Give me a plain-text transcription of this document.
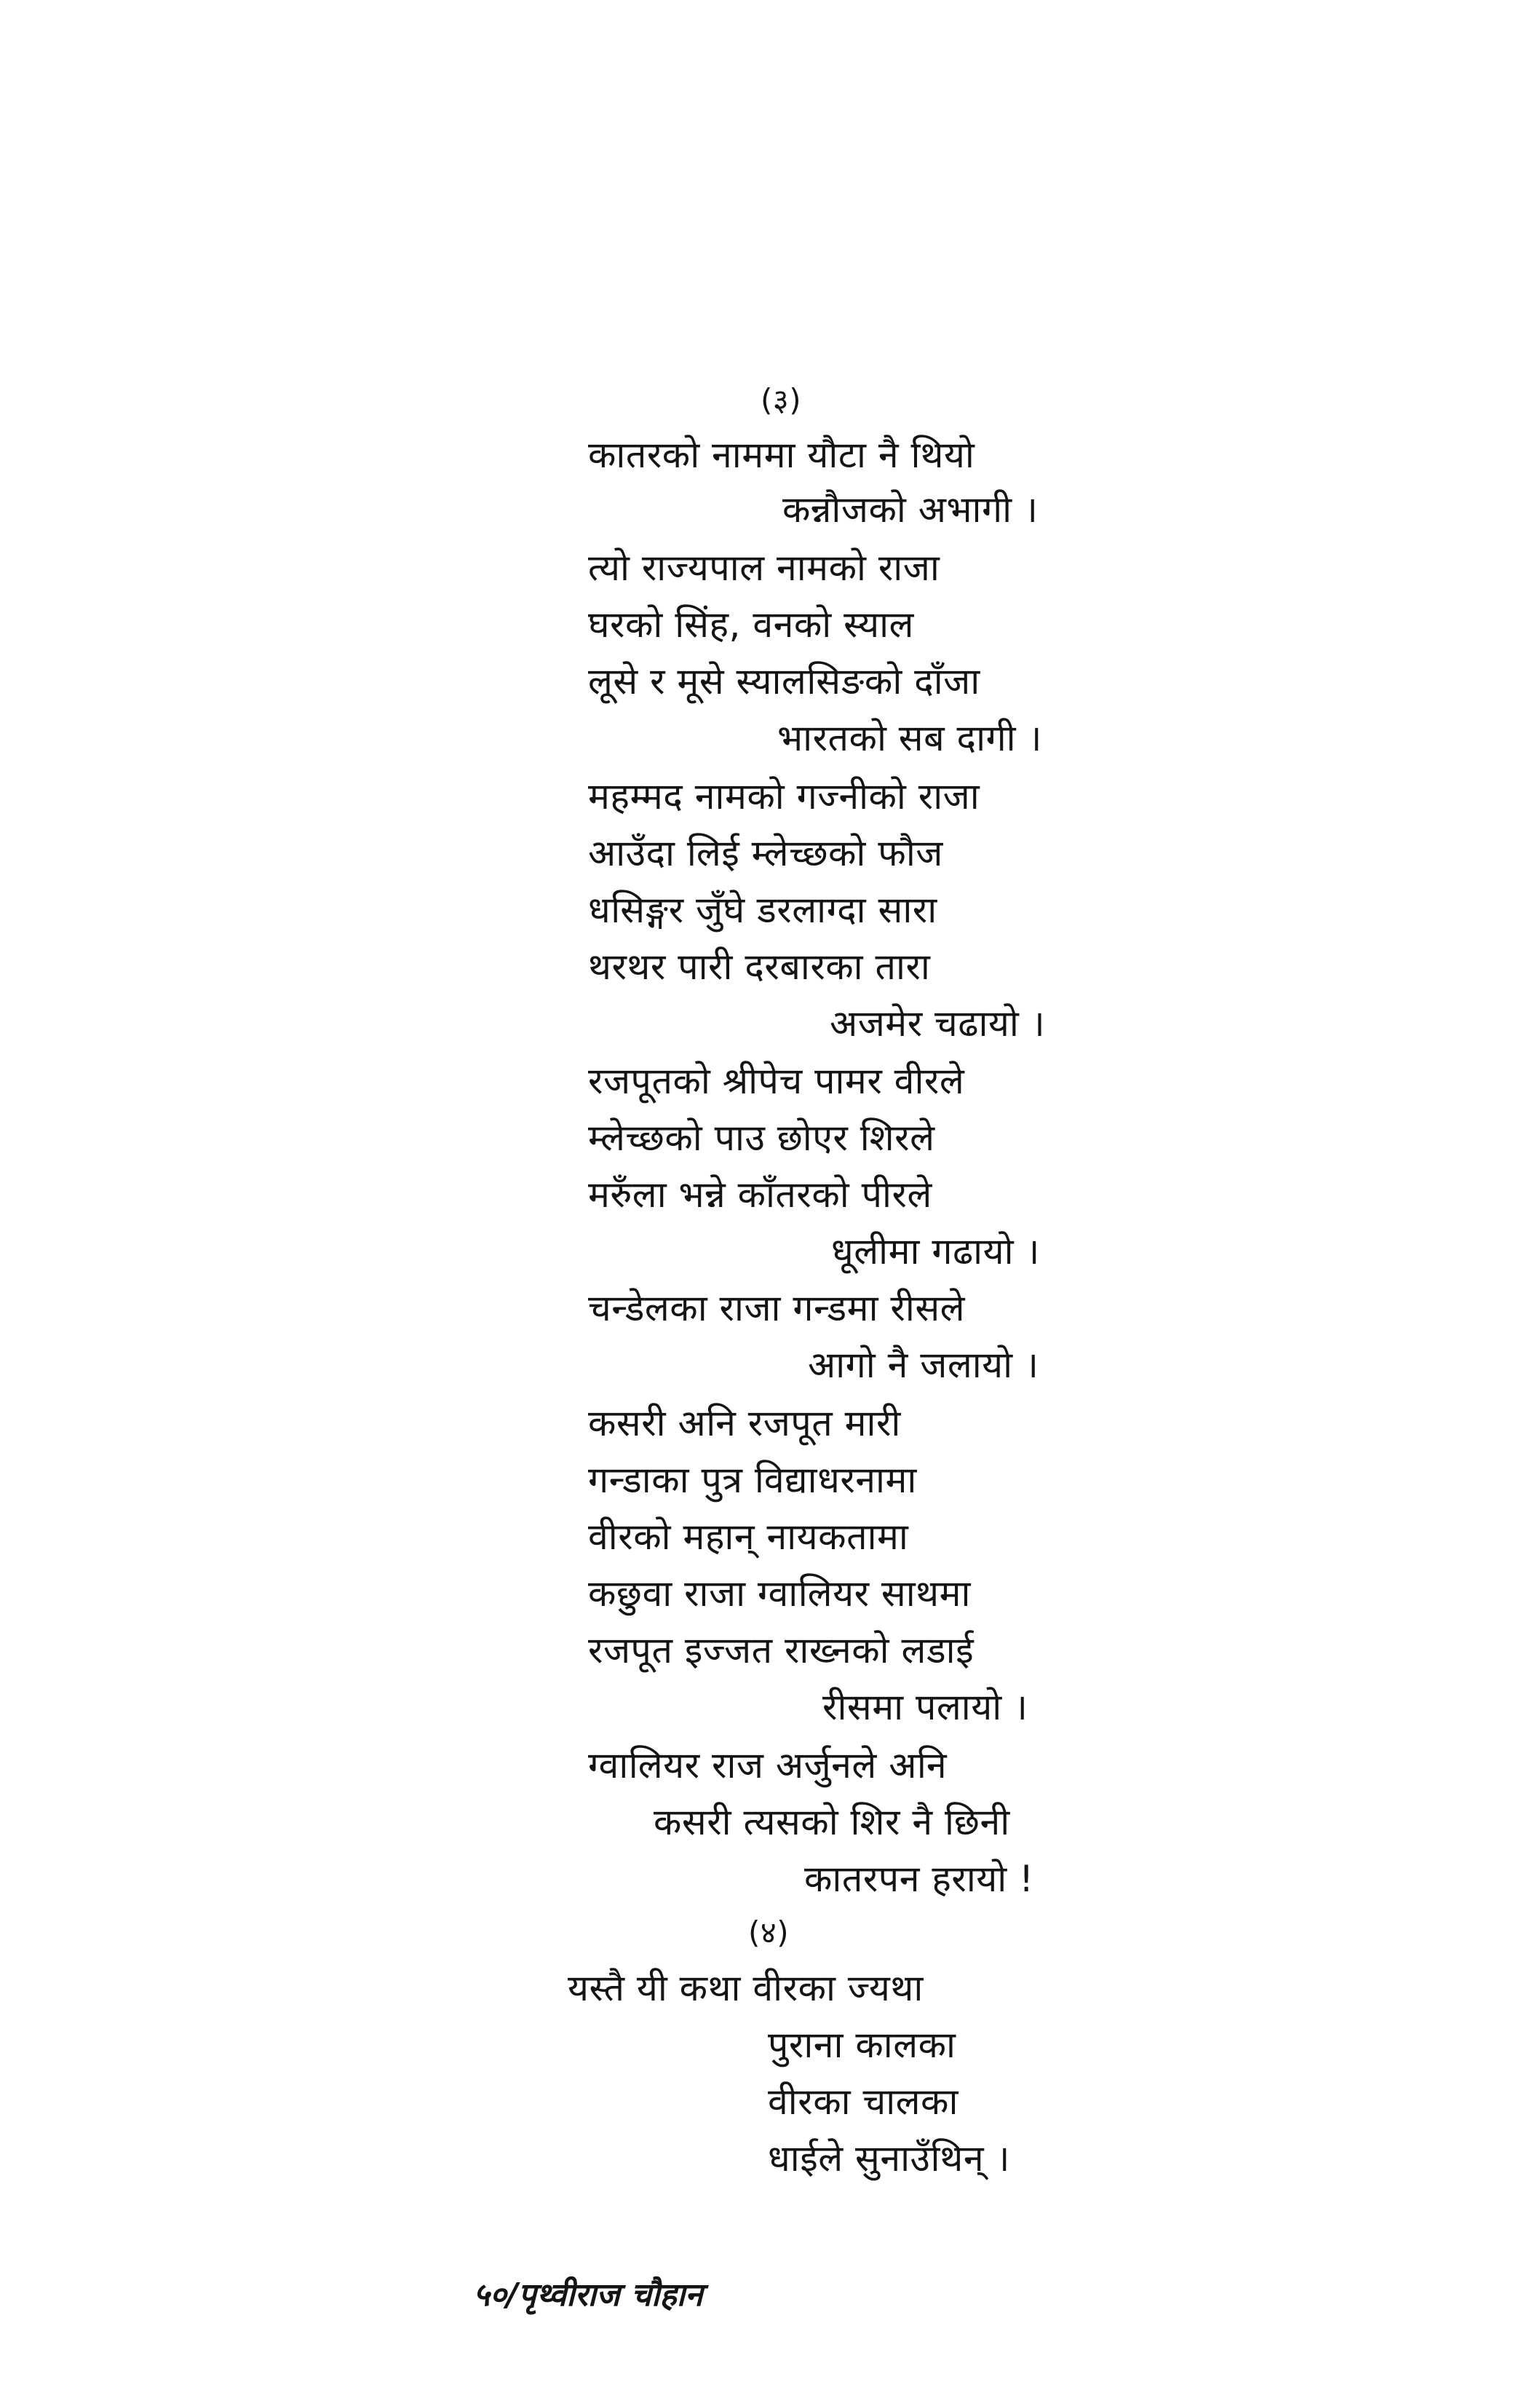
(३)
कातरको नाममा यौटा नै थियो
कन्नौजको अभागी ।
त्यो राज्यपाल नामको राजा
घरको सिंह, वनको स्याल
लूसे र मूसे स्यालसिङको दाँजा
भारतको सब दागी ।
महम्मद नामको गज्नीको राजा
आउँदा लिई म्लेच्छको फौज
धसिङ्गर जुँघे डरलाग्दा सारा
थरथर पारी दरबारका तारा
अजमेर चढायो ।
रजपूतको श्रीपेच पामर वीरले
म्लेच्छको पाउ छोएर शिरले
मरुँला भन्ने काँतरको पीरले
धूलीमा गढायो ।
चन्डेलका राजा गन्डमा रीसले
आगो नै जलायो ।
कसरी अनि रजपूत मारी
गन्डाका पुत्र विद्याधरनामा
वीरको महान् नायकतामा
कछुवा राजा ग्वालियर साथमा
रजपूत इज्जत राख्नको लडाई
रीसमा पलायो ।
ग्वालियर राज अर्जुनले अनि
कसरी त्यसको शिर नै छिनी
कातरपन हरायो !
(४)
यस्तै यी कथा वीरका ज्यथा
पुराना कालका
वीरका चालका
धाईले सुनाउँथिन् ।
५०/पृथ्वीराज चौहान
